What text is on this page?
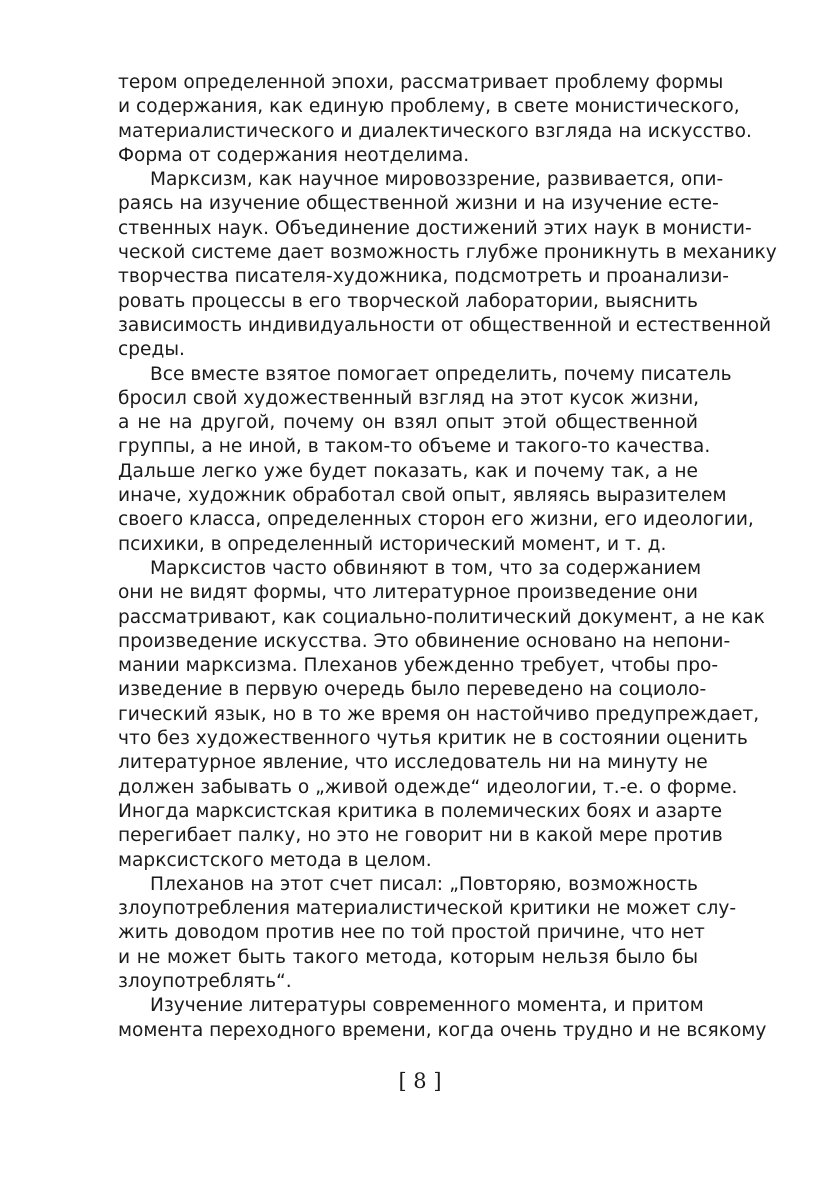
тером определенной эпохи, рассматривает проблему формы
и содержания, как единую проблему, в свете монистического,
материалистического и диалектического взгляда на искусство.
Форма от содержания неотделима.
Марксизм, как научное мировоззрение, развивается, опи-
раясь на изучение общественной жизни и на изучение есте-
ственных наук. Объединение достижений этих наук в монисти-
ческой системе дает возможность глубже проникнуть в механику
творчества писателя-художника, подсмотреть и проанализи-
ровать процессы в его творческой лаборатории, выяснить
зависимость индивидуальности от общественной и естественной
среды.
Все вместе взятое помогает определить, почему писатель
бросил свой художественный взгляд на этот кусок жизни,
а не на другой, почему он взял опыт этой общественной
группы, а не иной, в таком-то объеме и такого-то качества.
Дальше легко уже будет показать, как и почему так, а не
иначе, художник обработал свой опыт, являясь выразителем
своего класса, определенных сторон его жизни, его идеологии,
психики, в определенный исторический момент, и т. д.
Марксистов часто обвиняют в том, что за содержанием
они не видят формы, что литературное произведение они
рассматривают, как социально-политический документ, а не как
произведение искусства. Это обвинение основано на непони-
мании марксизма. Плеханов убежденно требует, чтобы про-
изведение в первую очередь было переведено на социоло-
гический язык, но в то же время он настойчиво предупреждает,
что без художественного чутья критик не в состоянии оценить
литературное явление, что исследователь ни на минуту не
должен забывать о „живой одежде“ идеологии, т.-е. о форме.
Иногда марксистская критика в полемических боях и азарте
перегибает палку, но это не говорит ни в какой мере против
марксистского метода в целом.
Плеханов на этот счет писал: „Повторяю, возможность
злоупотребления материалистической критики не может слу-
жить доводом против нее по той простой причине, что нет
и не может быть такого метода, которым нельзя было бы
злоупотреблять“.
Изучение литературы современного момента, и притом
момента переходного времени, когда очень трудно и не всякому
[ 8 ]
